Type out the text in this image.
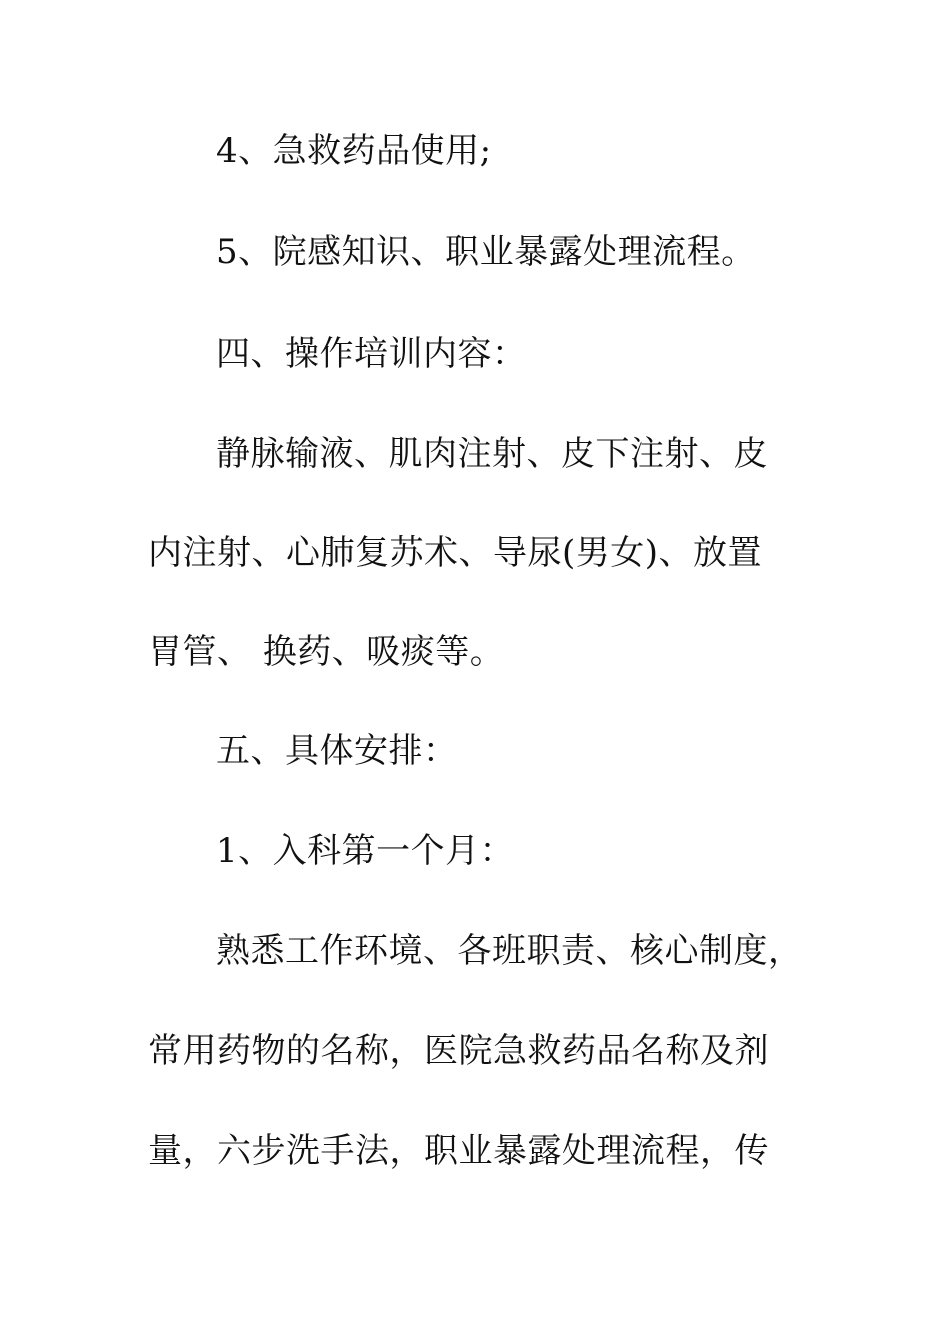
4、急救药品使用;
5、院感知识、职业暴露处理流程。
四、操作培训内容：
静脉输液、肌肉注射、皮下注射、皮
内注射、心肺复苏术、导尿(男女)、放置
胃管、 换药、吸痰等。
五、具体安排：
1、入科第一个月：
熟悉工作环境、各班职责、核心制度，
常用药物的名称，医院急救药品名称及剂
量，六步洗手法，职业暴露处理流程，传
